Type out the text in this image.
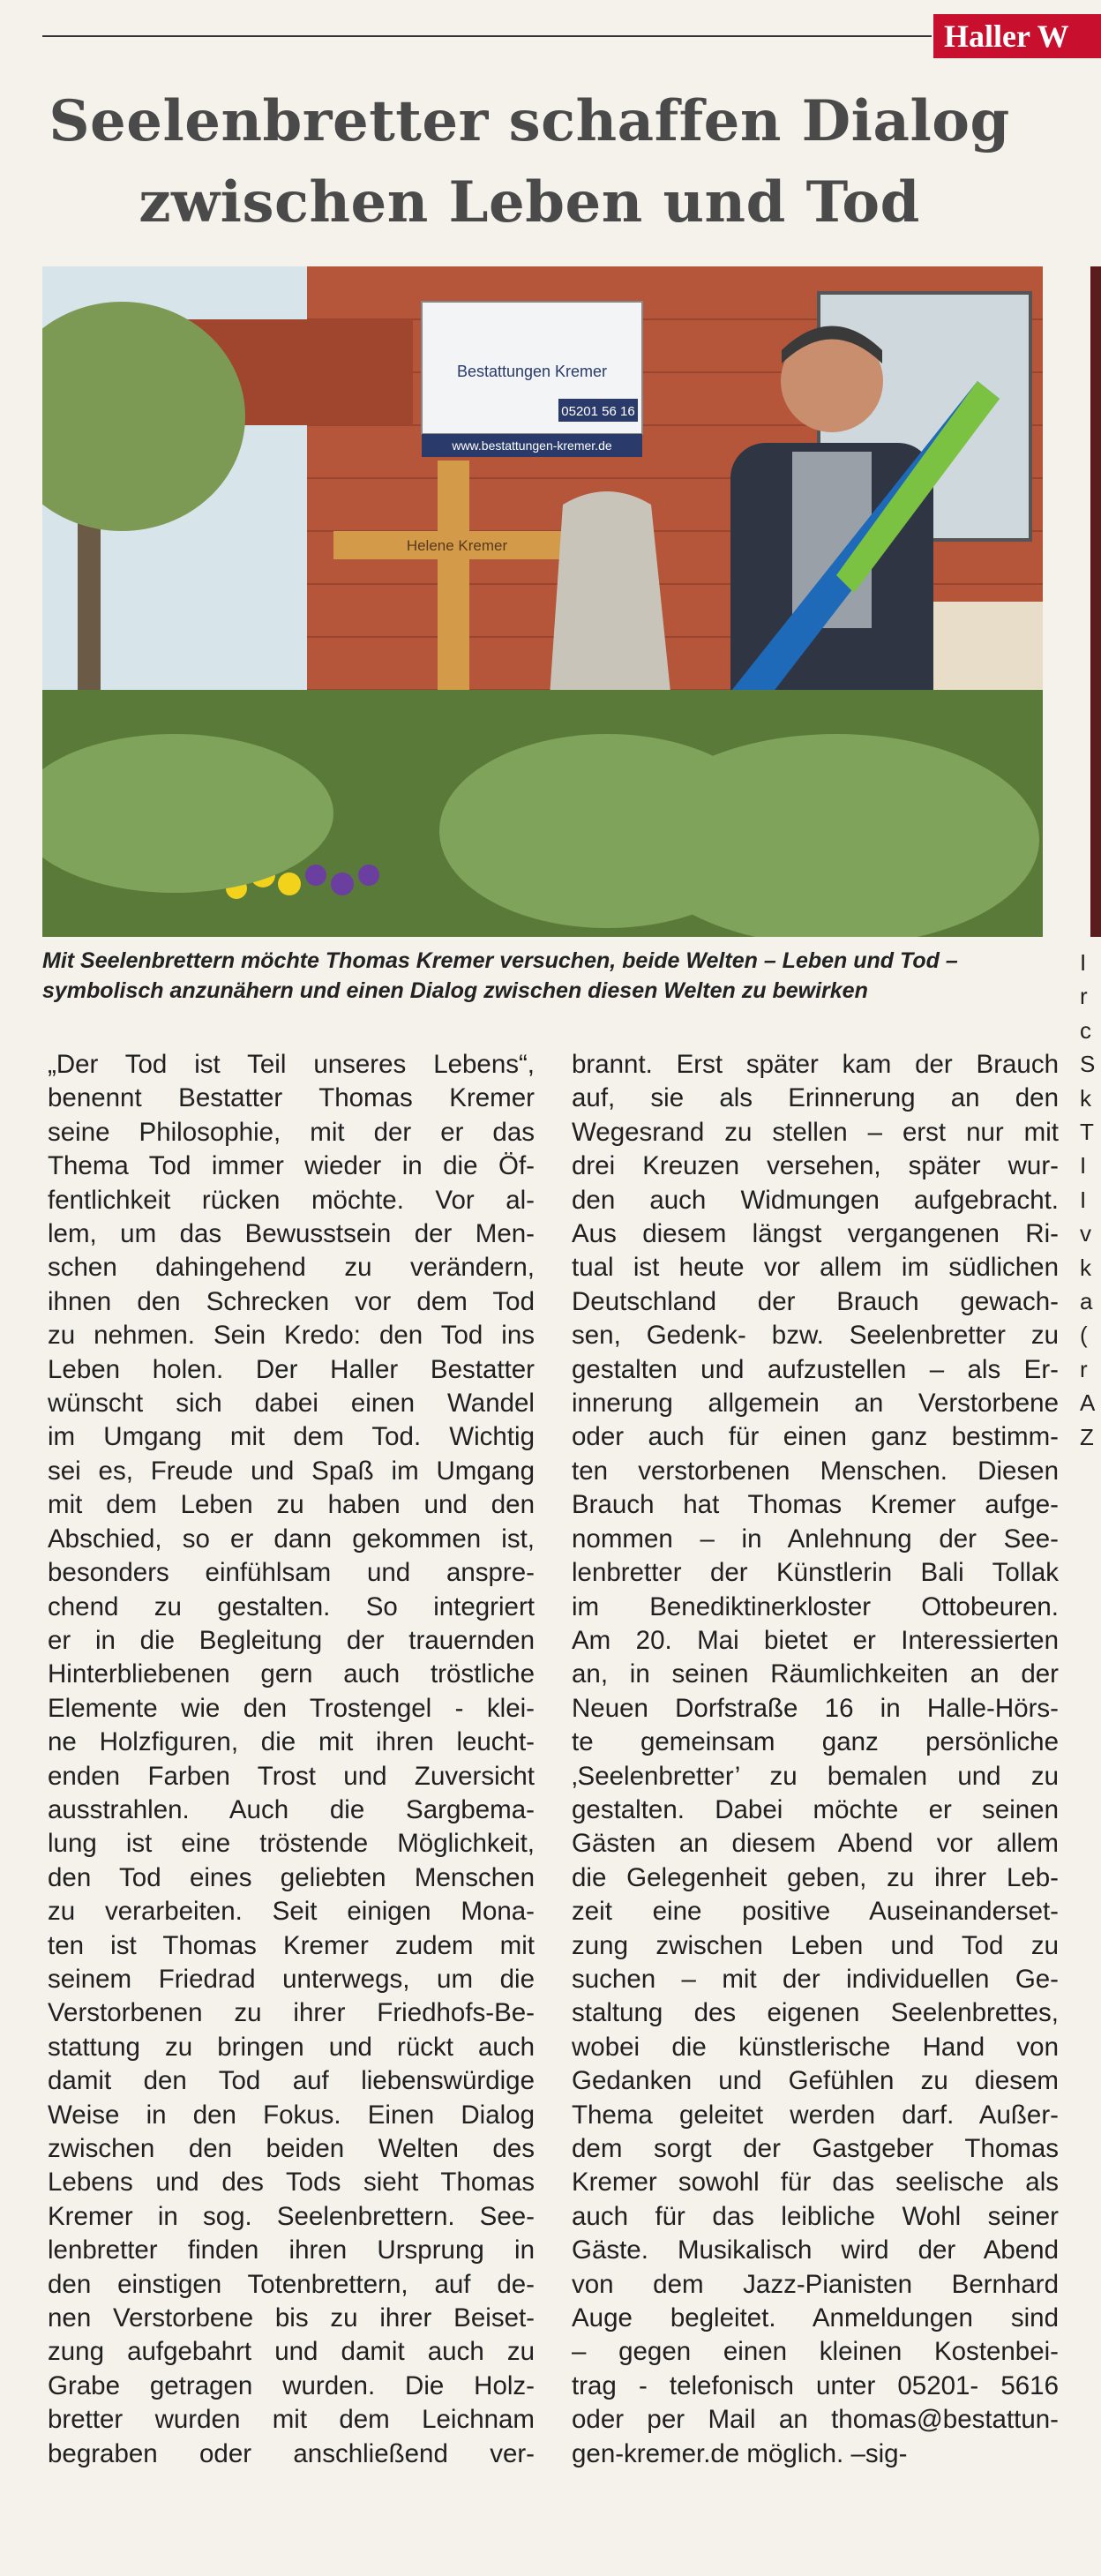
Haller W
Seelenbretter schaffen Dialog
zwischen Leben und Tod
Bestattungen Kremer
05201 56 16
www.bestattungen-kremer.de
Helene Kremer
Mit Seelenbrettern möchte Thomas Kremer versuchen, beide Welten – Leben und Tod – symbolisch anzunähern und einen Dialog zwischen diesen Welten zu bewirken
„Der Tod ist Teil unseres Lebens“,
benennt Bestatter Thomas Kremer
seine Philosophie, mit der er das
Thema Tod immer wieder in die Öf-
fentlichkeit rücken möchte. Vor al-
lem, um das Bewusstsein der Men-
schen dahingehend zu verändern,
ihnen den Schrecken vor dem Tod
zu nehmen. Sein Kredo: den Tod ins
Leben holen. Der Haller Bestatter
wünscht sich dabei einen Wandel
im Umgang mit dem Tod. Wichtig
sei es, Freude und Spaß im Umgang
mit dem Leben zu haben und den
Abschied, so er dann gekommen ist,
besonders einfühlsam und anspre-
chend zu gestalten. So integriert
er in die Begleitung der trauernden
Hinterbliebenen gern auch tröstliche
Elemente wie den Trostengel - klei-
ne Holzfiguren, die mit ihren leucht-
enden Farben Trost und Zuversicht
ausstrahlen. Auch die Sargbema-
lung ist eine tröstende Möglichkeit,
den Tod eines geliebten Menschen
zu verarbeiten. Seit einigen Mona-
ten ist Thomas Kremer zudem mit
seinem Friedrad unterwegs, um die
Verstorbenen zu ihrer Friedhofs-Be-
stattung zu bringen und rückt auch
damit den Tod auf liebenswürdige
Weise in den Fokus. Einen Dialog
zwischen den beiden Welten des
Lebens und des Tods sieht Thomas
Kremer in sog. Seelenbrettern. See-
lenbretter finden ihren Ursprung in
den einstigen Totenbrettern, auf de-
nen Verstorbene bis zu ihrer Beiset-
zung aufgebahrt und damit auch zu
Grabe getragen wurden. Die Holz-
bretter wurden mit dem Leichnam
begraben oder anschließend ver-
brannt. Erst später kam der Brauch
auf, sie als Erinnerung an den
Wegesrand zu stellen – erst nur mit
drei Kreuzen versehen, später wur-
den auch Widmungen aufgebracht.
Aus diesem längst vergangenen Ri-
tual ist heute vor allem im südlichen
Deutschland der Brauch gewach-
sen, Gedenk- bzw. Seelenbretter zu
gestalten und aufzustellen – als Er-
innerung allgemein an Verstorbene
oder auch für einen ganz bestimm-
ten verstorbenen Menschen. Diesen
Brauch hat Thomas Kremer aufge-
nommen – in Anlehnung der See-
lenbretter der Künstlerin Bali Tollak
im Benediktinerkloster Ottobeuren.
Am 20. Mai bietet er Interessierten
an, in seinen Räumlichkeiten an der
Neuen Dorfstraße 16 in Halle-Hörs-
te gemeinsam ganz persönliche
‚Seelenbretter’ zu bemalen und zu
gestalten. Dabei möchte er seinen
Gästen an diesem Abend vor allem
die Gelegenheit geben, zu ihrer Leb-
zeit eine positive Auseinanderset-
zung zwischen Leben und Tod zu
suchen – mit der individuellen Ge-
staltung des eigenen Seelenbrettes,
wobei die künstlerische Hand von
Gedanken und Gefühlen zu diesem
Thema geleitet werden darf. Außer-
dem sorgt der Gastgeber Thomas
Kremer sowohl für das seelische als
auch für das leibliche Wohl seiner
Gäste. Musikalisch wird der Abend
von dem Jazz-Pianisten Bernhard
Auge begleitet. Anmeldungen sind
– gegen einen kleinen Kostenbei-
trag - telefonisch unter 05201- 5616
oder per Mail an thomas@bestattun-
gen-kremer.de möglich. –sig-
I
r
c
S
k
T
I
I
v
k
a
(
r
A
Z
